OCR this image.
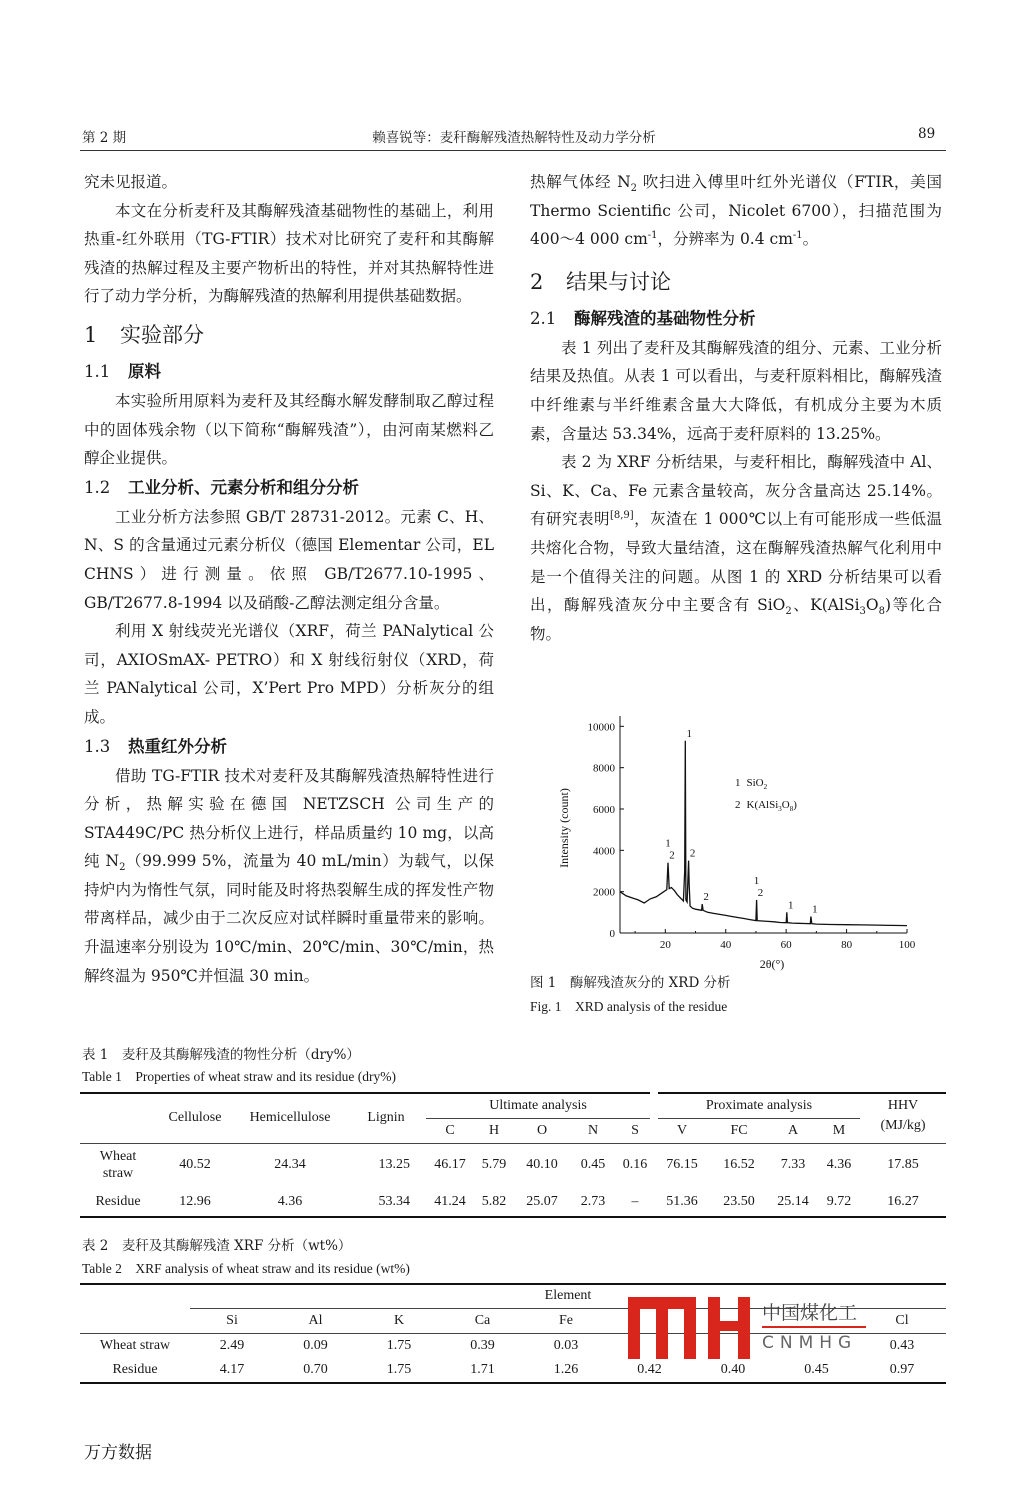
第 2 期	赖喜锐等：麦秆酶解残渣热解特性及动力学分析	89

究未见报道。

本文在分析麦秆及其酶解残渣基础物性的基础上，利用热重-红外联用（TG-FTIR）技术对比研究了麦秆和其酶解残渣的热解过程及主要产物析出的特性，并对其热解特性进行了动力学分析，为酶解残渣的热解利用提供基础数据。

1 实验部分
1.1 原料

本实验所用原料为麦秆及其经酶水解发酵制取乙醇过程中的固体残余物（以下简称“酶解残渣”），由河南某燃料乙醇企业提供。

1.2 工业分析、元素分析和组分分析

工业分析方法参照 GB/T 28731-2012。元素 C、H、N、S 的含量通过元素分析仪（德国 Elementar 公司，EL CHNS）进行测量。依照 GB/T2677.10-1995、GB/T2677.8-1994 以及硝酸-乙醇法测定组分含量。

利用 X 射线荧光光谱仪（XRF，荷兰 PANalytical 公司，AXIOSmAX- PETRO）和 X 射线衍射仪（XRD，荷兰 PANalytical 公司，X’Pert Pro MPD）分析灰分的组成。

1.3 热重红外分析

借助 TG-FTIR 技术对麦秆及其酶解残渣热解特性进行分析，热解实验在德国 NETZSCH 公司生产的 STA449C/PC 热分析仪上进行，样品质量约 10 mg，以高纯 $N_2(99.999$ 5%，流量为 40 mL/min）为载气，以保持炉内为惰性气氛，同时能及时将热裂解生成的挥发性产物带离样品，减少由于二次反应对试样瞬时重量带来的影响。升温速率分别设为 10℃/min、20℃/min、30℃/min，热解终温为 950℃并恒温 30 min。

热解气体经 $N_2$ 吹扫进入傅里叶红外光谱仪（FTIR，美国 Thermo Scientific 公司，Nicolet 6700），扫描范围为 400～4 000 $cm^{-1}$，分辨率为 0.4 $cm^{-1}$。

2 结果与讨论
2.1 酶解残渣的基础物性分析

表 1 列出了麦秆及其酶解残渣的组分、元素、工业分析结果及热值。从表 1 可以看出，与麦秆原料相比，酶解残渣中纤维素与半纤维素含量大大降低，有机成分主要为木质素，含量达 53.34%，远高于麦秆原料的 13.25%。

表 2 为 XRF 分析结果，与麦秆相比，酶解残渣中 Al、Si、K、Ca、Fe 元素含量较高，灰分含量高达 25.14%。有研究表明[8,9]，灰渣在 1 000℃以上有可能形成一些低温共熔化合物，导致大量结渣，这在酶解残渣热解气化利用中是一个值得关注的问题。从图 1 的 XRD 分析结果可以看出，酶解残渣灰分中主要含有 SiO$_2$、$K(AlSi_3O_8)$等化合物。

0
2000
4000
6000
8000
10000
20	40	60	80	100
1
1
2 2
2
1
2
1 1
1 SiO$_2$
2 $K(AlSi_3O_8)$
Intensity (count)
2θ(°)
图 1　酶解残渣灰分的 XRD 分析
Fig. 1　XRD analysis of the residue
表 1　麦秆及其酶解残渣的物性分析（dry%）
Table 1　Properties of wheat straw and its residue (dry%)
	Cellulose	Hemicellulose	Lignin	Ultimate analysis					Proximate analysis				HHV
				C	H	O	N	S	V	FC	A	M	(MJ/kg)
Wheat
straw	40.52	24.34	13.25	46.17	5.79	40.10	0.45	0.16	76.15	16.52	7.33	4.36	17.85
Residue	12.96	4.36	53.34	41.24	5.82	25.07	2.73	–	51.36	23.50	25.14	9.72	16.27
表 2　麦秆及其酶解残渣 XRF 分析（wt%）
Table 2　XRF analysis of wheat straw and its residue (wt%)
	Element								
	Si	Al	K	Ca	Fe				Cl
Wheat straw	2.49	0.09	1.75	0.39	0.03				0.43
Residue	4.17	0.70	1.75	1.71	1.26	0.42	0.40	0.45	0.97
中国煤化工
CNMHG
万方数据
